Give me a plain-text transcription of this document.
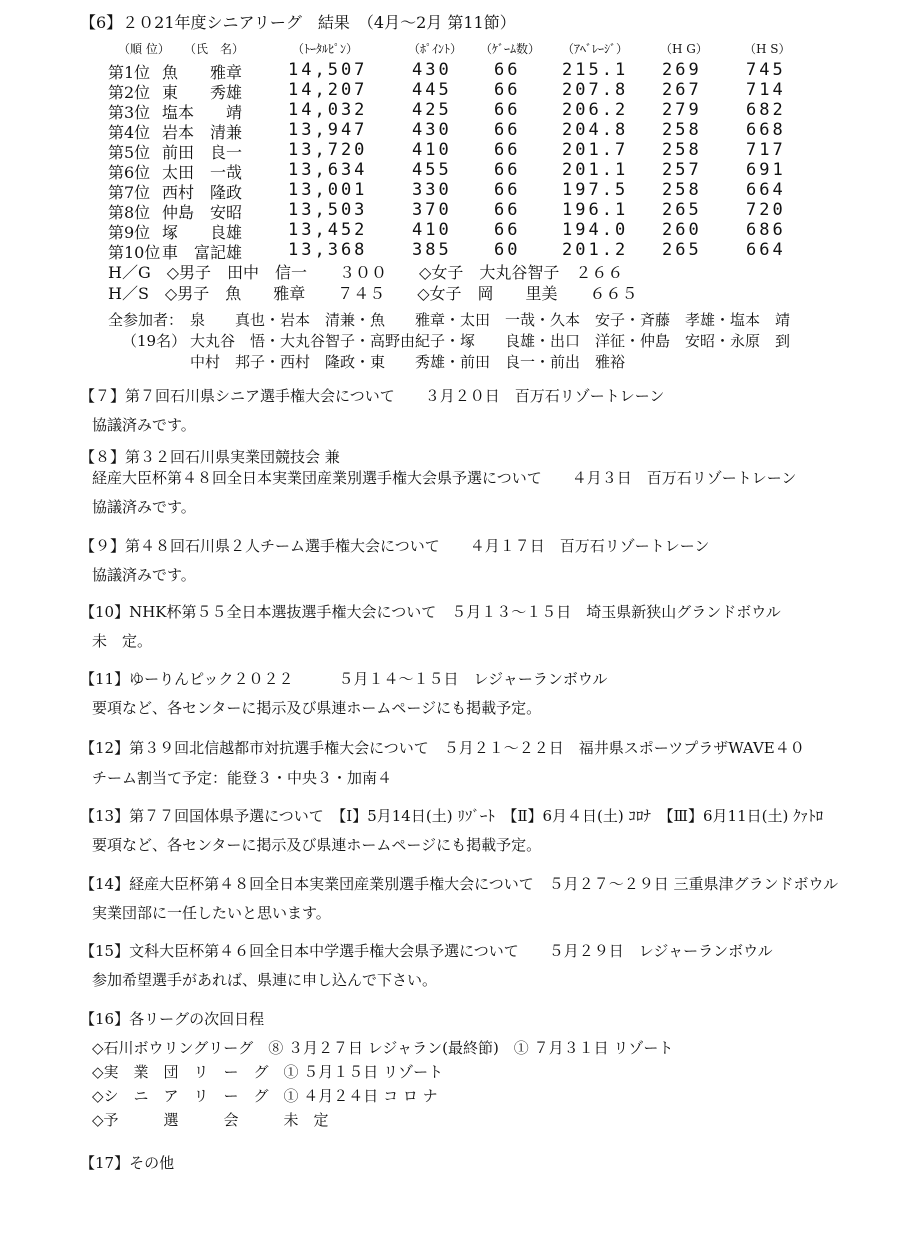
【6】２０21年度シニアリーグ　結果　（4月～2月 第11節）
（順 位） （氏　名）	（ﾄｰﾀﾙﾋﾟﾝ）	（ﾎﾟｲﾝﾄ） （ｹﾞｰﾑ数） （ｱﾍﾞﾚｰｼﾞ）	（H G）	（H S）
第1位 魚　　雅章	14,507	430 66 215.1 269	745
第2位 東　　秀雄	14,207	445 66 207.8 267	714
第3位 塩本　　靖	14,032	425 66 206.2 279	682
第4位 岩本　清兼	13,947	430 66 204.8 258	668
第5位 前田　良一	13,720	410 66 201.7 258	717
第6位 太田　一哉	13,634	455 66 201.1 257	691
第7位 西村　隆政	13,001	330 66 197.5 258	664
第8位 仲島　安昭	13,503	370 66 196.1 265	720
第9位 塚　　良雄	13,452	410 66 194.0 260	686
第10位 車　富記雄	13,368	385 60 201.2 265	664
H／G　◇男子　田中　信一　　３００　　◇女子　大丸谷智子　２６６
H／S　◇男子　魚　　雅章　　７４５　　◇女子　岡　　里美　　６６５
全参加者：
（19名）
泉　　真也・岩本　清兼・魚　　雅章・太田　一哉・久本　安子・斉藤　孝雄・塩本　靖
大丸谷　悟・大丸谷智子・高野由紀子・塚　　良雄・出口　洋征・仲島　安昭・永原　到
中村　邦子・西村　隆政・東　　秀雄・前田　良一・前出　雅裕
【７】第７回石川県シニア選手権大会について　　３月２０日　百万石リゾートレーン
協議済みです。
【８】第３２回石川県実業団競技会 兼
経産大臣杯第４８回全日本実業団産業別選手権大会県予選について　　４月３日　百万石リゾートレーン
協議済みです。
【９】第４８回石川県２人チーム選手権大会について　　４月１７日　百万石リゾートレーン
協議済みです。
【10】NHK杯第５５全日本選抜選手権大会について　５月１３～１５日　埼玉県新狭山グランドボウル
未　定。
【11】ゆーりんピック２０２２　　　５月１４～１５日　レジャーランボウル
要項など、各センターに掲示及び県連ホームページにも掲載予定。
【12】第３９回北信越都市対抗選手権大会について　５月２１～２２日　福井県スポーツプラザWAVE４０
チーム割当て予定：能登３・中央３・加南４
【13】第７７回国体県予選について　【Ⅰ】5月14日(土) ﾘｿﾞｰﾄ　【Ⅱ】6月４日(土) ｺﾛﾅ　【Ⅲ】6月11日(土) ｸｧﾄﾛ
要項など、各センターに掲示及び県連ホームページにも掲載予定。
【14】経産大臣杯第４８回全日本実業団産業別選手権大会について　５月２７～２９日 三重県津グランドボウル
実業団部に一任したいと思います。
【15】文科大臣杯第４６回全日本中学選手権大会県予選について　　５月２９日　レジャーランボウル
参加希望選手があれば、県連に申し込んで下さい。
【16】各リーグの次回日程
◇石川ボウリングリーグ　⑧ ３月２７日 レジャラン(最終節)　① ７月３１日 リゾート
◇実　業　団　リ　ー　グ　① ５月１５日 リゾート
◇シ　ニ　ア　リ　ー　グ　① ４月２４日 コ ロ ナ
◇予　　　選　　　会　　　未　定
【17】その他
